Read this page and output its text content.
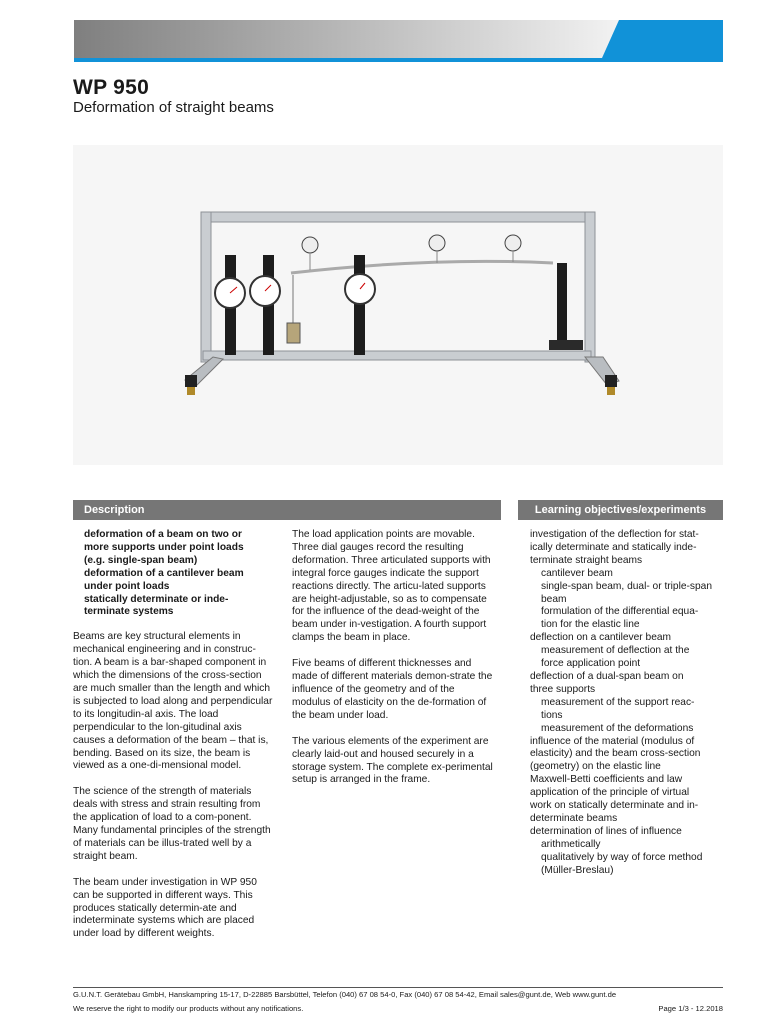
WP 950
Deformation of straight beams
Description	Learning objectives/experiments
deformation of a beam on two or
more supports under point loads
(e.g. single-span beam)
deformation of a cantilever beam
under point loads
statically determinate or inde-
terminate systems

Beams are key structural elements in mechanical engineering and in construc-tion. A beam is a bar-shaped component in which the dimensions of the cross-section are much smaller than the length and which is subjected to load along and perpendicular to its longitudin-al axis. The load perpendicular to the lon-gitudinal axis causes a deformation of the beam – that is, bending. Based on its size, the beam is viewed as a one-di-mensional model.

The science of the strength of materials deals with stress and strain resulting from the application of load to a com-ponent. Many fundamental principles of the strength of materials can be illus-trated well by a straight beam.

The beam under investigation in WP 950 can be supported in different ways. This produces statically determin-ate and indeterminate systems which are placed under load by different weights.

The load application points are movable. Three dial gauges record the resulting deformation. Three articulated supports with integral force gauges indicate the support reactions directly. The articu-lated supports are height-adjustable, so as to compensate for the influence of the dead-weight of the beam under in-vestigation. A fourth support clamps the beam in place.

Five beams of different thicknesses and made of different materials demon-strate the influence of the geometry and of the modulus of elasticity on the de-formation of the beam under load.

The various elements of the experiment are clearly laid-out and housed securely in a storage system. The complete ex-perimental setup is arranged in the frame.

investigation of the deflection for stat-
ically determinate and statically inde-
terminate straight beams
cantilever beam
single-span beam, dual- or triple-span
beam
formulation of the differential equa-
tion for the elastic line
deflection on a cantilever beam
measurement of deflection at the
force application point
deflection of a dual-span beam on
three supports
measurement of the support reac-
tions
measurement of the deformations
influence of the material (modulus of
elasticity) and the beam cross-section
(geometry) on the elastic line
Maxwell-Betti coefficients and law
application of the principle of virtual
work on statically determinate and in-
determinate beams
determination of lines of influence
arithmetically
qualitatively by way of force method
(Müller-Breslau)
G.U.N.T. Gerätebau GmbH, Hanskampring 15-17, D-22885 Barsbüttel, Telefon (040) 67 08 54-0, Fax (040) 67 08 54-42, Email sales@gunt.de, Web www.gunt.de
We reserve the right to modify our products without any notifications.	Page 1/3 - 12.2018
